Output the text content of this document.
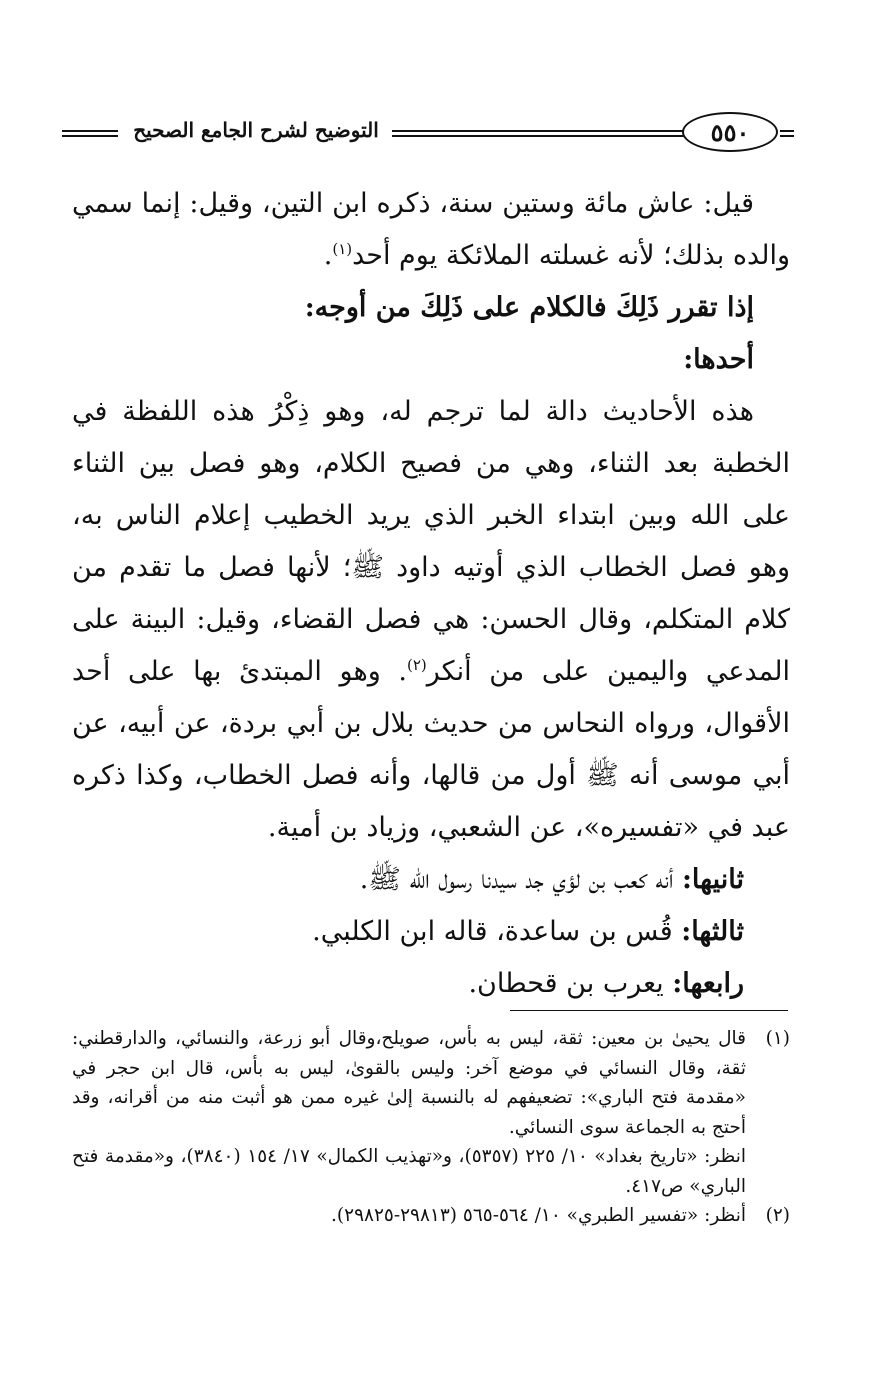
التوضيح لشرح الجامع الصحيح	٥٥٠

قيل: عاش مائة وستين سنة، ذكره ابن التين، وقيل: إنما سمي والده بذلك؛ لأنه غسلته الملائكة يوم أحد$^{(١)}$.

إذا تقرر ذَلِكَ فالكلام على ذَلِكَ من أوجه:

أحدها:

هذه الأحاديث دالة لما ترجم له، وهو ذِكْرُ هذه اللفظة في الخطبة بعد الثناء، وهي من فصيح الكلام، وهو فصل بين الثناء على الله وبين ابتداء الخبر الذي يريد الخطيب إعلام الناس به، وهو فصل الخطاب الذي أوتيه داود ﷺ؛ لأنها فصل ما تقدم من كلام المتكلم، وقال الحسن: هي فصل القضاء، وقيل: البينة على المدعي واليمين على من أنكر$^{(٢)}$. وهو المبتدئ بها على أحد الأقوال، ورواه النحاس من حديث بلال بن أبي بردة، عن أبيه، عن أبي موسى أنه ﷺ أول من قالها، وأنه فصل الخطاب، وكذا ذكره عبد في «تفسيره»، عن الشعبي، وزياد بن أمية.

ثانيها: أنه كعب بن لؤي جد سيدنا رسول الله ﷺ.

ثالثها: قُس بن ساعدة، قاله ابن الكلبي.

رابعها: يعرب بن قحطان.

(١)

قال يحيىٰ بن معين: ثقة، ليس به بأس، صويلح،وقال أبو زرعة، والنسائي، والدارقطني: ثقة، وقال النسائي في موضع آخر: وليس بالقوىٰ، ليس به بأس، قال ابن حجر في «مقدمة فتح الباري»: تضعيفهم له بالنسبة إلىٰ غيره ممن هو أثبت منه من أقرانه، وقد أحتج به الجماعة سوى النسائي.

انظر: «تاريخ بغداد» ١٠/ ٢٢٥ (٥٣٥٧)، و«تهذيب الكمال» ١٧/ ١٥٤ (٣٨٤٠)، و«مقدمة فتح الباري» ص٤١٧.

(٢)

أنظر: «تفسير الطبري» ١٠/ ٥٦٤-٥٦٥ (٢٩٨١٣-٢٩٨٢٥).
